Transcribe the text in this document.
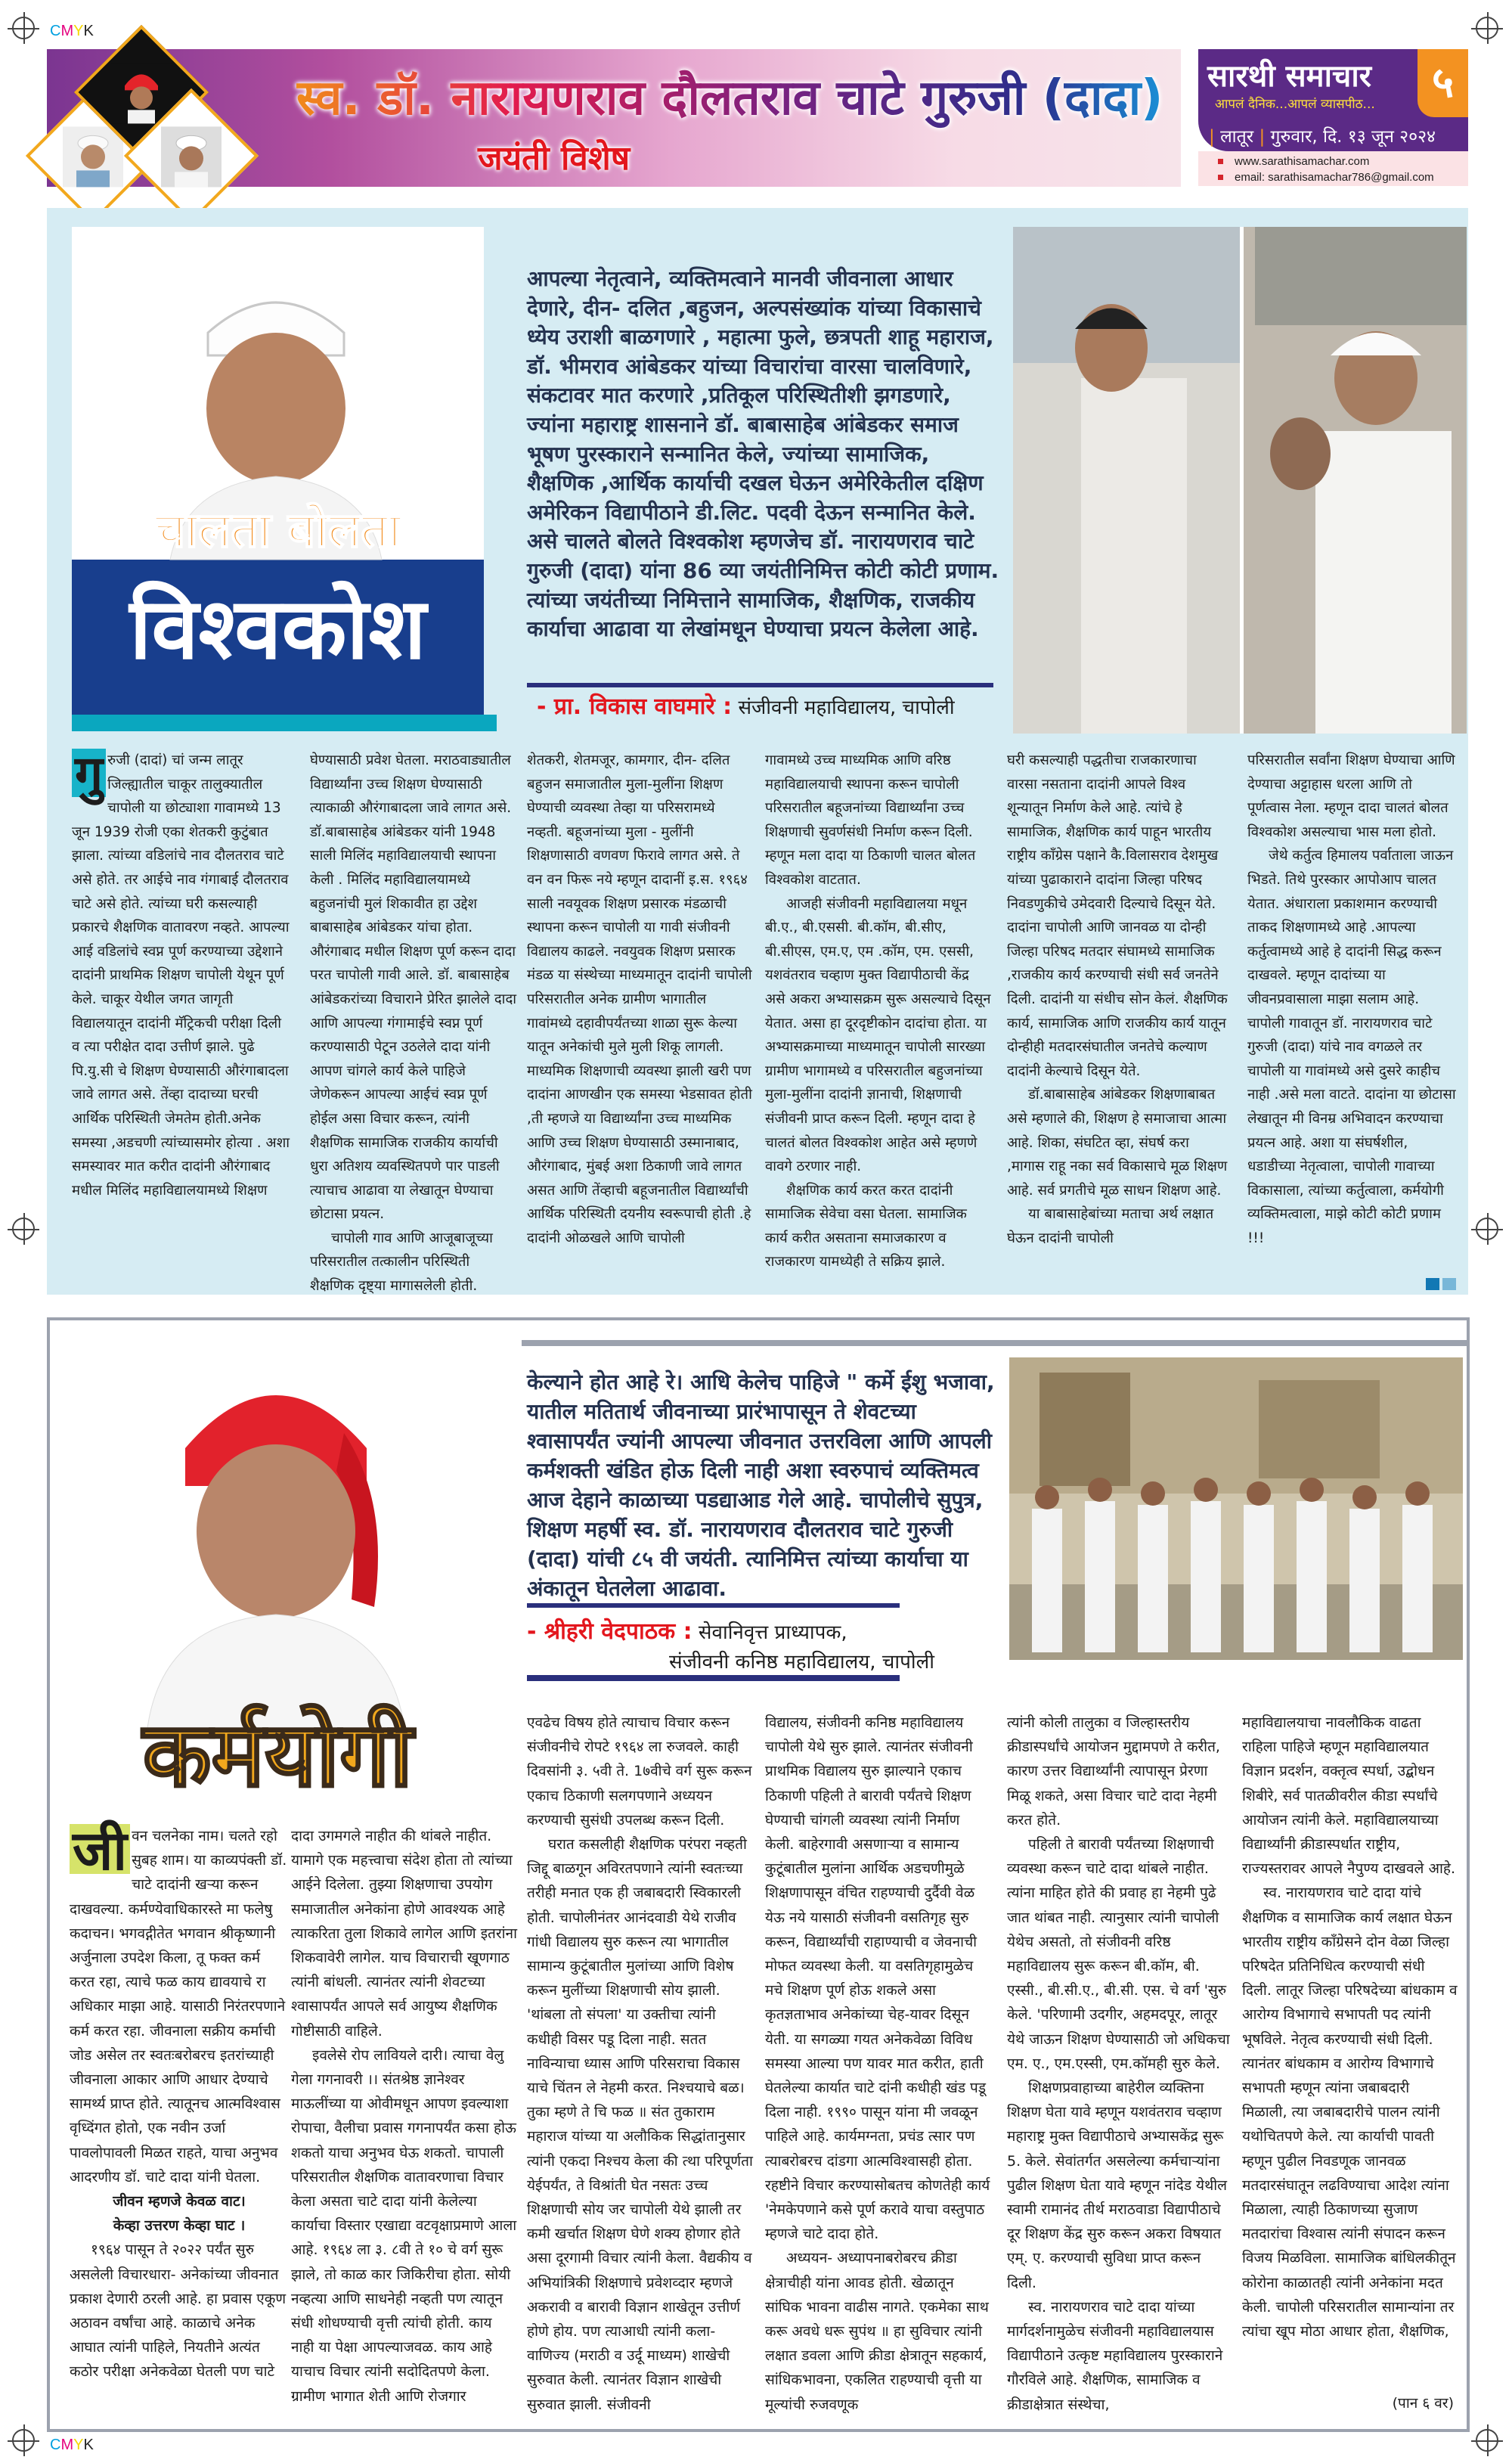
CMYK
CMYK
स्व. डॉ. नारायणराव दौलतराव चाटे गुरुजी (दादा)
जयंती विशेष
सारथी समाचार
आपलं दैनिक...आपलं व्यासपीठ...	५
| लातूर | गुरुवार, दि. १३ जून २०२४
www.sarathisamachar.com
email: sarathisamachar786@gmail.com
चालता बोलता
विश्वकोश
आपल्या नेतृत्वाने, व्यक्तिमत्वाने मानवी जीवनाला आधार देणारे, दीन- दलित ,बहुजन, अल्पसंख्यांक यांच्या विकासाचे ध्येय उराशी बाळगणारे , महात्मा फुले, छत्रपती शाहू महाराज, डॉ. भीमराव आंबेडकर यांच्या विचारांचा वारसा चालविणारे, संकटावर मात करणारे ,प्रतिकूल परिस्थितीशी झगडणारे, ज्यांना महाराष्ट्र शासनाने डॉ. बाबासाहेब आंबेडकर समाज भूषण पुरस्काराने सन्मानित केले, ज्यांच्या सामाजिक, शैक्षणिक ,आर्थिक कार्याची दखल घेऊन अमेरिकेतील दक्षिण अमेरिकन विद्यापीठाने डी.लिट. पदवी देऊन सन्मानित केले. असे चालते बोलते विश्वकोश म्हणजेच डॉ. नारायणराव चाटे गुरुजी (दादा) यांना 86 व्या जयंतीनिमित्त कोटी कोटी प्रणाम. त्यांच्या जयंतीच्या निमित्ताने सामाजिक, शैक्षणिक, राजकीय कार्याचा आढावा या लेखांमधून घेण्याचा प्रयत्न केलेला आहे.
- प्रा. विकास वाघमारे : संजीवनी महाविद्यालय, चापोली
गु रुजी (दादां) चां जन्म लातूर जिल्ह्यातील चाकूर तालुक्यातील चापोली या छोट्याशा गावामध्ये 13 जून 1939 रोजी एका शेतकरी कुटुंबात झाला. त्यांच्या वडिलांचे नाव दौलतराव चाटे असे होते. तर आईचे नाव गंगाबाई दौलतराव चाटे असे होते. त्यांच्या घरी कसल्याही प्रकारचे शैक्षणिक वातावरण नव्हते. आपल्या आई वडिलांचे स्वप्न पूर्ण करण्याच्या उद्देशाने दादांनी प्राथमिक शिक्षण चापोली येथून पूर्ण केले. चाकूर येथील जगत जागृती विद्यालयातून दादांनी मॅट्रिकची परीक्षा दिली व त्या परीक्षेत दादा उत्तीर्ण झाले. पुढे पि.यु.सी चे शिक्षण घेण्यासाठी औरंगाबादला जावे लागत असे. तेंव्हा दादाच्या घरची आर्थिक परिस्थिती जेमतेम होती.अनेक समस्या ,अडचणी त्यांच्यासमोर होत्या . अशा समस्यावर मात करीत दादांनी औरंगाबाद मधील मिलिंद महाविद्यालयामध्ये शिक्षण

घेण्यासाठी प्रवेश घेतला. मराठवाड्यातील विद्यार्थ्यांना उच्च शिक्षण घेण्यासाठी त्याकाळी औरंगाबादला जावे लागत असे. डॉ.बाबासाहेब आंबेडकर यांनी 1948 साली मिलिंद महाविद्यालयाची स्थापना केली . मिलिंद महाविद्यालयामध्ये बहुजनांची मुलं शिकावीत हा उद्देश बाबासाहेब आंबेडकर यांचा होता. औरंगाबाद मधील शिक्षण पूर्ण करून दादा परत चापोली गावी आले. डॉ. बाबासाहेब आंबेडकरांच्या विचाराने प्रेरित झालेले दादा आणि आपल्या गंगामाईचे स्वप्न पूर्ण करण्यासाठी पेटून उठलेले दादा यांनी आपण चांगले कार्य केले पाहिजे जेणेकरून आपल्या आईचं स्वप्न पूर्ण होईल असा विचार करून, त्यांनी शैक्षणिक सामाजिक राजकीय कार्याची धुरा अतिशय व्यवस्थितपणे पार पाडली त्याचाच आढावा या लेखातून घेण्याचा छोटासा प्रयत्न.

चापोली गाव आणि आजूबाजूच्या परिसरातील तत्कालीन परिस्थिती शैक्षणिक दृष्ट्या मागासलेली होती.

शेतकरी, शेतमजूर, कामगार, दीन- दलित बहुजन समाजातील मुला-मुलींना शिक्षण घेण्याची व्यवस्था तेव्हा या परिसरामध्ये नव्हती. बहूजनांच्या मुला - मुलींनी शिक्षणासाठी वणवण फिरावे लागत असे. ते वन वन फिरू नये म्हणून दादानीं इ.स. १९६४ साली नवयूवक शिक्षण प्रसारक मंडळाची स्थापना करून चापोली या गावी संजीवनी विद्यालय काढले. नवयुवक शिक्षण प्रसारक मंडळ या संस्थेच्या माध्यमातून दादांनी चापोली परिसरातील अनेक ग्रामीण भागातील गावांमध्ये दहावीपर्यंतच्या शाळा सुरू केल्या यातून अनेकांची मुले मुली शिकू लागली. माध्यमिक शिक्षणाची व्यवस्था झाली खरी पण दादांना आणखीन एक समस्या भेडसावत होती ,ती म्हणजे या विद्यार्थ्यांना उच्च माध्यमिक आणि उच्च शिक्षण घेण्यासाठी उस्मानाबाद, औरंगाबाद, मुंबई अशा ठिकाणी जावे लागत असत आणि तेंव्हाची बहूजनातील विद्यार्थ्यांची आर्थिक परिस्थिती दयनीय स्वरूपाची होती .हे दादांनी ओळखले आणि चापोली

गावामध्ये उच्च माध्यमिक आणि वरिष्ठ महाविद्यालयाची स्थापना करून चापोली परिसरातील बहूजनांच्या विद्यार्थ्यांना उच्च शिक्षणाची सुवर्णसंधी निर्माण करून दिली. म्हणून मला दादा या ठिकाणी चालत बोलत विश्वकोश वाटतात.

आजही संजीवनी महाविद्यालया मधून बी.ए., बी.एससी. बी.कॉम, बी.सीए, बी.सीएस, एम.ए, एम .कॉम, एम. एससी, यशवंतराव चव्हाण मुक्त विद्यापीठाची केंद्र असे अकरा अभ्यासक्रम सुरू असल्याचे दिसून येतात. असा हा दूरदृष्टीकोन दादांचा होता. या अभ्यासक्रमाच्या माध्यमातून चापोली सारख्या ग्रामीण भागामध्ये व परिसरातील बहुजनांच्या मुला-मुलींना दादांनी ज्ञानाची, शिक्षणाची संजीवनी प्राप्त करून दिली. म्हणून दादा हे चालतं बोलत विश्वकोश आहेत असे म्हणणे वावगे ठरणार नाही.

शैक्षणिक कार्य करत करत दादांनी सामाजिक सेवेचा वसा घेतला. सामाजिक कार्य करीत असताना समाजकारण व राजकारण यामध्येही ते सक्रिय झाले.

घरी कसल्याही पद्धतीचा राजकारणाचा वारसा नसताना दादांनी आपले विश्व शून्यातून निर्माण केले आहे. त्यांचे हे सामाजिक, शैक्षणिक कार्य पाहून भारतीय राष्ट्रीय काँग्रेस पक्षाने कै.विलासराव देशमुख यांच्या पुढाकाराने दादांना जिल्हा परिषद निवडणुकीचे उमेदवारी दिल्याचे दिसून येते. दादांना चापोली आणि जानवळ या दोन्ही जिल्हा परिषद मतदार संघामध्ये सामाजिक ,राजकीय कार्य करण्याची संधी सर्व जनतेने दिली. दादांनी या संधीच सोन केलं. शैक्षणिक कार्य, सामाजिक आणि राजकीय कार्य यातून दोन्हीही मतदारसंघातील जनतेचे कल्याण दादांनी केल्याचे दिसून येते.

डॉ.बाबासाहेब आंबेडकर शिक्षणाबाबत असे म्हणाले की, शिक्षण हे समाजाचा आत्मा आहे. शिका, संघटित व्हा, संघर्ष करा ,मागास राहू नका सर्व विकासाचे मूळ शिक्षण आहे. सर्व प्रगतीचे मूळ साधन शिक्षण आहे.

या बाबासाहेबांच्या मताचा अर्थ लक्षात घेऊन दादांनी चापोली

परिसरातील सर्वांना शिक्षण घेण्याचा आणि देण्याचा अट्टाहास धरला आणि तो पूर्णत्वास नेला. म्हणून दादा चालतं बोलत विश्वकोश असल्याचा भास मला होतो.

जेथे कर्तुत्व हिमालय पर्वाताला जाऊन भिडते. तिथे पुरस्कार आपोआप चालत येतात. अंधाराला प्रकाशमान करण्याची ताकद शिक्षणामध्ये आहे .आपल्या कर्तुत्वामध्ये आहे हे दादांनी सिद्ध करून दाखवले. म्हणून दादांच्या या जीवनप्रवासाला माझा सलाम आहे. चापोली गावातून डॉ. नारायणराव चाटे गुरुजी (दादा) यांचे नाव वगळले तर चापोली या गावांमध्ये असे दुसरे काहीच नाही .असे मला वाटते. दादांना या छोटासा लेखातून मी विनम्र अभिवादन करण्याचा प्रयत्न आहे. अशा या संघर्षशील, धडाडीच्या नेतृत्वाला, चापोली गावाच्या विकासाला, त्यांच्या कर्तुत्वाला, कर्मयोगी व्यक्तिमत्वाला, माझे कोटी कोटी प्रणाम !!!

कर्मयोगी
केल्याने होत आहे रे। आधि केलेच पाहिजे " कर्मे ईशु भजावा, यातील मतितार्थ जीवनाच्या प्रारंभापासून ते शेवटच्या श्वासापर्यंत ज्यांनी आपल्या जीवनात उत्तरविला आणि आपली कर्मशक्ती खंडित होऊ दिली नाही अशा स्वरुपाचं व्यक्तिमत्व आज देहाने काळाच्या पडद्याआड गेले आहे. चापोलीचे सुपुत्र, शिक्षण महर्षी स्व. डॉ. नारायणराव दौलतराव चाटे गुरुजी (दादा) यांची ८५ वी जयंती. त्यानिमित्त त्यांच्या कार्याचा या अंकातून घेतलेला आढावा.
- श्रीहरी वेदपाठक : सेवानिवृत्त प्राध्यापक,
संजीवनी कनिष्ठ महाविद्यालय, चापोली
जी वन चलनेका नाम। चलते रहो सुबह शाम। या काव्यपंक्ती डॉ. चाटे दादांनी खऱ्या करून दाखवल्या. कर्मण्येवाधिकारस्ते मा फलेषु कदाचन। भगवद्गीतेत भगवान श्रीकृष्णानी अर्जुनाला उपदेश किला, तू फक्त कर्म करत रहा, त्याचे फळ काय द्यावयाचे रा अधिकार माझा आहे. यासाठी निरंतरपणाने कर्म करत रहा. जीवनाला सक्रीय कर्माची जोड असेल तर स्वतःबरोबरच इतरांच्याही जीवनाला आकार आणि आधार देण्याचे सामर्थ्य प्राप्त होते. त्यातूनच आत्मविश्वास वृध्दिंगत होतो, एक नवीन उर्जा पावलोपावली मिळत राहते, याचा अनुभव आदरणीय डॉ. चाटे दादा यांनी घेतला.

जीवन म्हणजे केवळ वाट।

केव्हा उत्तरण केव्हा घाट ।

१९६४ पासून ते २०२२ पर्यंत सुरु असलेली विचारधारा- अनेकांच्या जीवनात प्रकाश देणारी ठरली आहे. हा प्रवास एकूण अठावन वर्षांचा आहे. काळाचे अनेक आघात त्यांनी पाहिले, नियतीने अत्यंत कठोर परीक्षा अनेकवेळा घेतली पण चाटे

दादा उगमगले नाहीत की थांबले नाहीत. यामागे एक महत्त्वाचा संदेश होता तो त्यांच्या आईने दिलेला. तुझ्या शिक्षणाचा उपयोग समाजातील अनेकांना होणे आवश्यक आहे त्याकरिता तुला शिकावे लागेल आणि इतरांना शिकवावेरी लागेल. याच विचाराची खूणगाठ त्यांनी बांधली. त्यानंतर त्यांनी शेवटच्या श्वासापर्यंत आपले सर्व आयुष्य शैक्षणिक गोष्टीसाठी वाहिले.

इवलेसे रोप लावियले दारी। त्याचा वेलु गेला गगनावरी ।। संतश्रेष्ठ ज्ञानेश्वर माऊलींच्या या ओवीमधून आपण इवल्याशा रोपाचा, वैलीचा प्रवास गगनापर्यंत कसा होऊ शकतो याचा अनुभव घेऊ शकतो. चापाली परिसरातील शैक्षणिक वातावरणाचा विचार केला असता चाटे दादा यांनी केलेल्या कार्याचा विस्तार एखाद्या वटवृक्षाप्रमाणे आला आहे. १९६४ ला ३. ८वी ते १० चे वर्ग सुरू झाले, तो काळ कार जिकिरीचा होता. सोयी नव्हत्या आणि साधनेही नव्हती पण त्यातून संधी शोधण्याची वृत्ती त्यांची होती. काय नाही या पेक्षा आपल्याजवळ. काय आहे याचाच विचार त्यांनी सदोदितपणे केला. ग्रामीण भागात शेती आणि रोजगार

एवढेच विषय होते त्याचाच विचार करून संजीवनीचे रोपटे १९६४ ला रुजवले. काही दिवसांनी ३. ५वी ते. 1७वीचे वर्ग सुरू करून एकाच ठिकाणी सलगपणाने अध्ययन करण्याची सुसंधी उपलब्ध करून दिली.

घरात कसलीही शैक्षणिक परंपरा नव्हती जिद्दू बाळगून अविरतपणाने त्यांनी स्वतःच्या तरीही मनात एक ही जबाबदारी स्विकारली होती. चापोलीनंतर आनंदवाडी येथे राजीव गांधी विद्यालय सुरु करून त्या भागातील सामान्य कुटूंबातील मुलांच्या आणि विशेष करून मुलींच्या शिक्षणाची सोय झाली. 'थांबला तो संपला' या उक्तीचा त्यांनी कधीही विसर पडू दिला नाही. सतत नाविन्याचा ध्यास आणि परिसराचा विकास याचे चिंतन ले नेहमी करत. निश्चयाचे बळ। तुका म्हणे ते चि फळ ॥ संत तुकाराम महाराज यांच्या या अलौकिक सिद्धांतानुसार त्यांनी एकदा निश्चय केला की त्था परिपूर्णता येईपर्यंत, ते विश्रांती घेत नसतः उच्च शिक्षणाची सोय जर चापोली येथे झाली तर कमी खर्चात शिक्षण घेणे शक्य होणार होते असा दूरगामी विचार त्यांनी केला. वैद्यकीय व अभियांत्रिकी शिक्षणाचे प्रवेशव्दार म्हणजे अकरावी व बारावी विज्ञान शाखेतून उत्तीर्ण होणे होय. पण त्याआधी त्यांनी कला- वाणिज्य (मराठी व उर्दू माध्यम) शाखेची सुरुवात केली. त्यानंतर विज्ञान शाखेची सुरुवात झाली. संजीवनी

विद्यालय, संजीवनी कनिष्ठ महाविद्यालय चापोली येथे सुरु झाले. त्यानंतर संजीवनी प्राथमिक विद्यालय सुरु झाल्याने एकाच ठिकाणी पहिली ते बारावी पर्यंतचे शिक्षण घेण्याची चांगली व्यवस्था त्यांनी निर्माण केली. बाहेरगावी असणाऱ्या व सामान्य कुटूंबातील मुलांना आर्थिक अडचणीमुळे शिक्षणापासून वंचित राहण्याची दुर्दैवी वेळ येऊ नये यासाठी संजीवनी वसतिगृह सुरु करून, विद्यार्थ्यांची राहाण्याची व जेवनाची मोफत व्यवस्था केली. या वसतिगृहामुळेच मचे शिक्षण पूर्ण होऊ शकले असा कृतज्ञताभाव अनेकांच्या चेह-यावर दिसून येती. या सगळ्या गयत अनेकवेळा विविध समस्या आल्या पण यावर मात करीत, हाती घेतलेल्या कार्यात चाटे दांनी कधीही खंड पडू दिला नाही. १९९० पासून यांना मी जवळून पाहिले आहे. कार्यमग्नता, प्रचंड त्सार पण त्याबरोबरच दांडगा आत्मविश्वासही होता. रहष्टीने विचार करण्यासोबतच कोणतेही कार्य 'नेमकेपणाने कसे पूर्ण करावे याचा वस्तुपाठ म्हणजे चाटे दादा होते.

अध्ययन- अध्यापनाबरोबरच क्रीडा क्षेत्राचीही यांना आवड होती. खेळातून सांघिक भावना वाढीस नागते. एकमेका साथ करू अवधे धरू सुपंथ ॥ हा सुविचार त्यांनी लक्षात डवला आणि क्रीडा क्षेत्रातून सहकार्य, सांधिकभावना, एकलित राहण्याची वृत्ती या मूल्यांची रुजवणूक

त्यांनी कोली तालुका व जिल्हास्तरीय क्रीडास्पर्धांचे आयोजन मुद्दामपणे ते करीत, कारण उत्तर विद्यार्थ्यांनी त्यापासून प्रेरणा मिळू शकते, असा विचार चाटे दादा नेहमी करत होते.

पहिली ते बारावी पर्यंतच्या शिक्षणाची व्यवस्था करून चाटे दादा थांबले नाहीत. त्यांना माहित होते की प्रवाह हा नेहमी पुढे जात थांबत नाही. त्यानुसार त्यांनी चापोली येथेच असतो, तो संजीवनी वरिष्ठ महाविद्यालय सुरू करून बी.कॉम, बी. एस्सी., बी.सी.ए., बी.सी. एस. चे वर्ग 'सुरु केले. 'परिणामी उदगीर, अहमदपूर, लातूर येथे जाऊन शिक्षण घेण्यासाठी जो अधिकचा एम. ए., एम.एस्सी, एम.कॉमही सुरु केले.

शिक्षणप्रवाहाच्या बाहेरील व्यक्तिना शिक्षण घेता यावे म्हणून यशवंतराव चव्हाण महाराष्ट्र मुक्त विद्यापीठाचे अभ्यासकेंद्र सुरू 5. केले. सेवांतर्गत असलेल्या कर्मचाऱ्यांना पुढील शिक्षण घेता यावे म्हणून नांदेड येथील स्वामी रामानंद तीर्थ मराठवाडा विद्यापीठाचे दूर शिक्षण केंद्र सुरु करून अकरा विषयात एम्. ए. करण्याची सुविधा प्राप्त करून दिली.

स्व. नारायणराव चाटे दादा यांच्या मार्गदर्शनामुळेच संजीवनी महाविद्यालयास विद्यापीठाने उत्कृष्ट महाविद्यालय पुरस्काराने गौरविले आहे. शैक्षणिक, सामाजिक व क्रीडाक्षेत्रात संस्थेचा,

महाविद्यालयाचा नावलौकिक वाढता राहिला पाहिजे म्हणून महाविद्यालयात विज्ञान प्रदर्शन, वक्तृत्व स्पर्धा, उद्बोधन शिबीरे, सर्व पातळीवरील कीडा स्पर्धांचे आयोजन त्यांनी केले. महाविद्यालयाच्या विद्यार्थ्यांनी क्रीडास्पर्धात राष्ट्रीय, राज्यस्तरावर आपले नैपुण्य दाखवले आहे.

स्व. नारायणराव चाटे दादा यांचे शैक्षणिक व सामाजिक कार्य लक्षात घेऊन भारतीय राष्ट्रीय काँग्रेसने दोन वेळा जिल्हा परिषदेत प्रतिनिधित्व करण्याची संधी दिली. लातूर जिल्हा परिषदेच्या बांधकाम व आरोग्य विभागाचे सभापती पद त्यांनी भूषविले. नेतृत्व करण्याची संधी दिली. त्यानंतर बांधकाम व आरोग्य विभागाचे सभापती म्हणून त्यांना जबाबदारी मिळाली, त्या जबाबदारीचे पालन त्यांनी यथोचितपणे केले. त्या कार्याची पावती म्हणून पुढील निवडणूक जानवळ मतदारसंघातून लढविण्याचा आदेश त्यांना मिळाला, त्याही ठिकाणच्या सुजाण मतदारांचा विश्वास त्यांनी संपादन करून विजय मिळविला. सामाजिक बांधिलकीतून कोरोना काळातही त्यांनी अनेकांना मदत केली. चापोली परिसरातील सामान्यांना तर त्यांचा खूप मोठा आधार होता, शैक्षणिक,

(पान ६ वर)
